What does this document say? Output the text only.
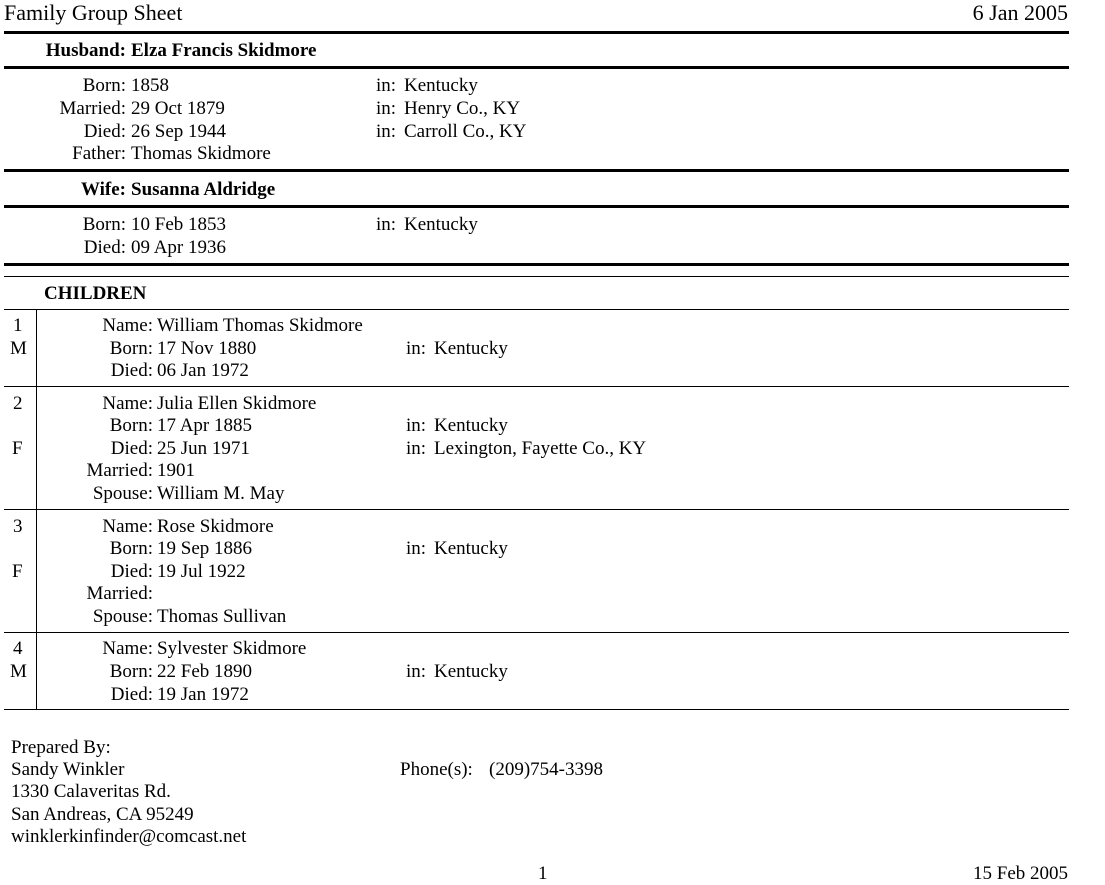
Family Group Sheet	6 Jan 2005
Husband: Elza Francis Skidmore
Born: 1858	in: Kentucky
Married: 29 Oct 1879	in: Henry Co., KY
Died: 26 Sep 1944	in: Carroll Co., KY
Father: Thomas Skidmore
Wife: Susanna Aldridge
Born: 10 Feb 1853	in: Kentucky
Died: 09 Apr 1936
CHILDREN
1
M
Name: William Thomas Skidmore
Born: 17 Nov 1880	in: Kentucky
Died: 06 Jan 1972
2
F
Name: Julia Ellen Skidmore
Born: 17 Apr 1885	in: Kentucky
Died: 25 Jun 1971	in: Lexington, Fayette Co., KY
Married: 1901
Spouse: William M. May
3
F
Name: Rose Skidmore
Born: 19 Sep 1886	in: Kentucky
Died: 19 Jul 1922
Married:
Spouse: Thomas Sullivan
4
M
Name: Sylvester Skidmore
Born: 22 Feb 1890	in: Kentucky
Died: 19 Jan 1972
Prepared By:
Sandy Winkler
1330 Calaveritas Rd.
San Andreas, CA 95249
winklerkinfinder@comcast.net
Phone(s): (209)754-3398
1	15 Feb 2005
